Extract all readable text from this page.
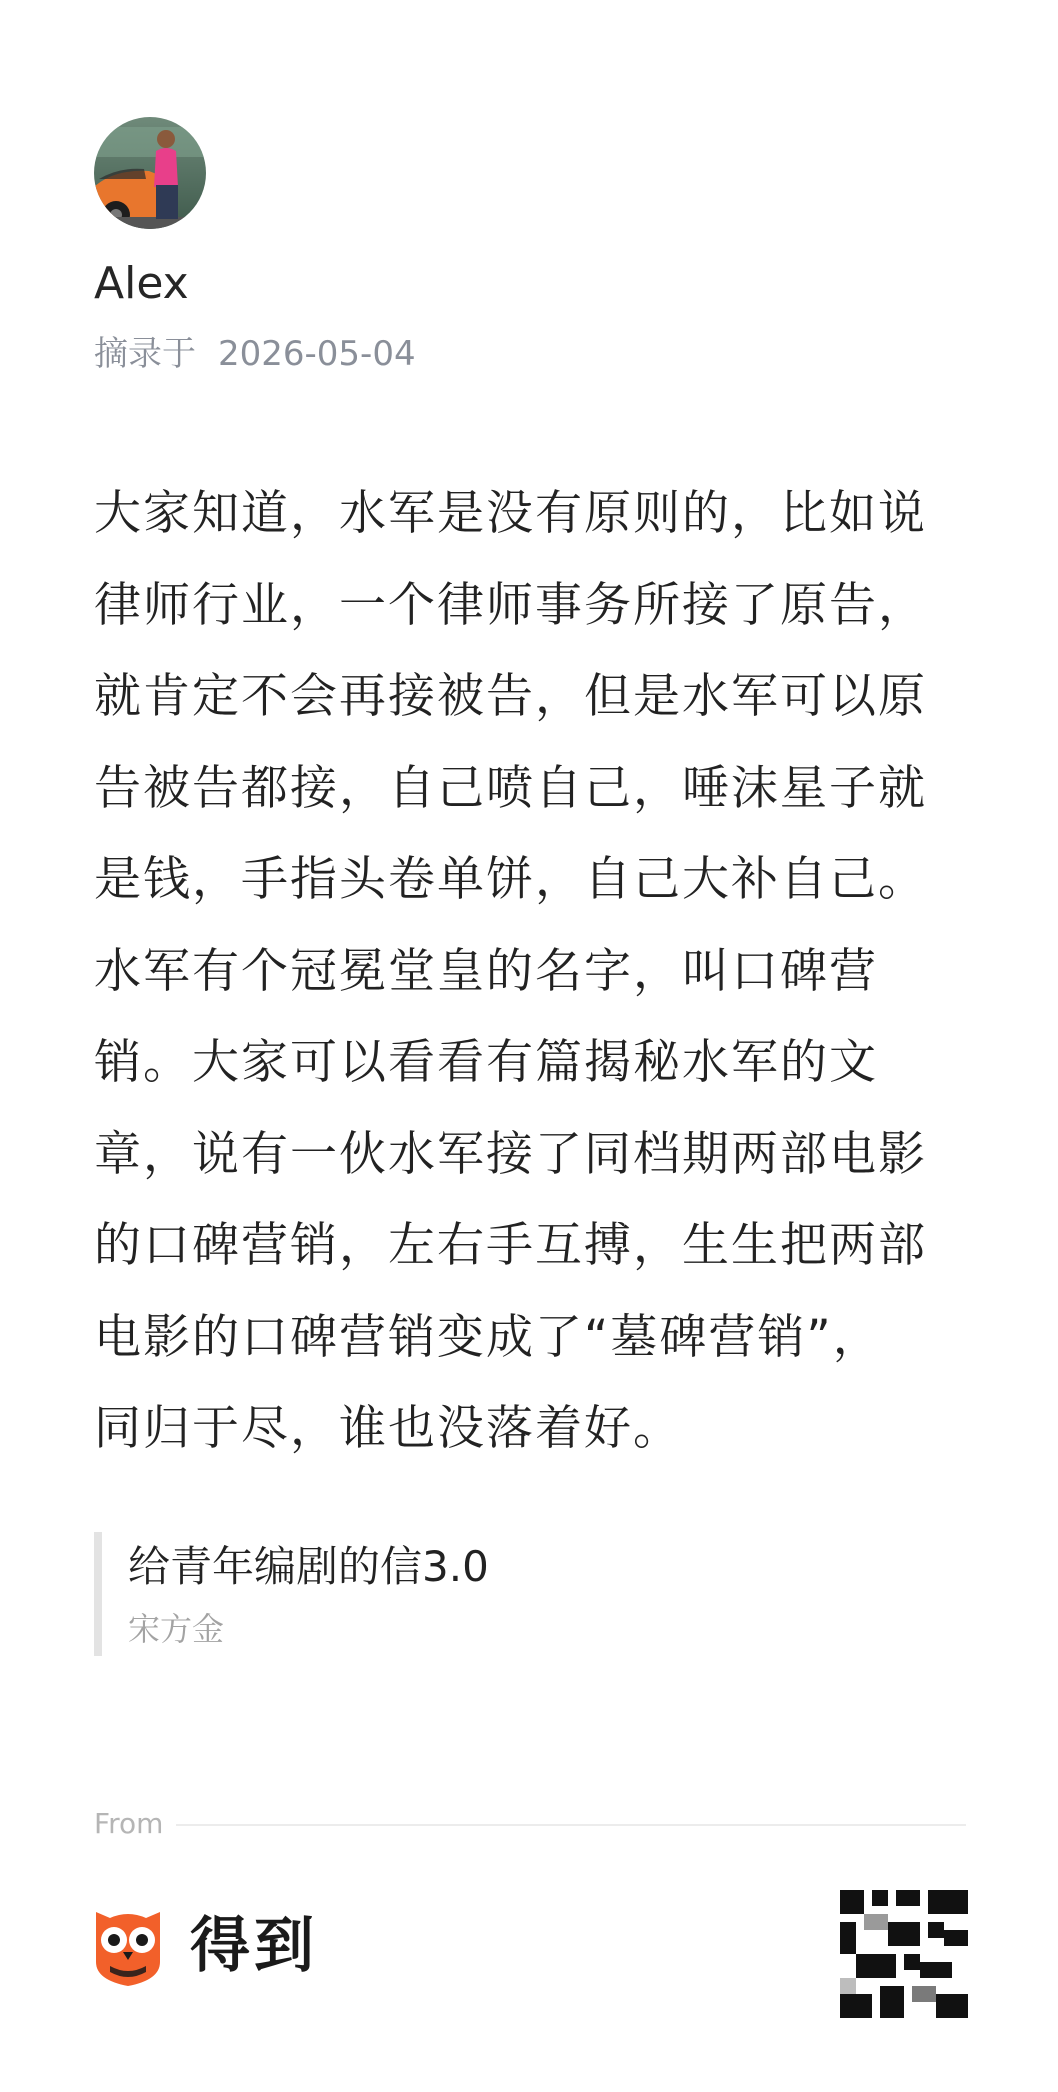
Alex
摘录于 2026-05-04

大家知道，水军是没有原则的，比如说

律师行业，一个律师事务所接了原告，

就肯定不会再接被告，但是水军可以原

告被告都接，自己喷自己，唾沫星子就

是钱，手指头卷单饼，自己大补自己。

水军有个冠冕堂皇的名字，叫口碑营

销。大家可以看看有篇揭秘水军的文

章，说有一伙水军接了同档期两部电影

的口碑营销，左右手互搏，生生把两部

电影的口碑营销变成了“墓碑营销”，

同归于尽，谁也没落着好。

给青年编剧的信3.0
宋方金
From
得到
